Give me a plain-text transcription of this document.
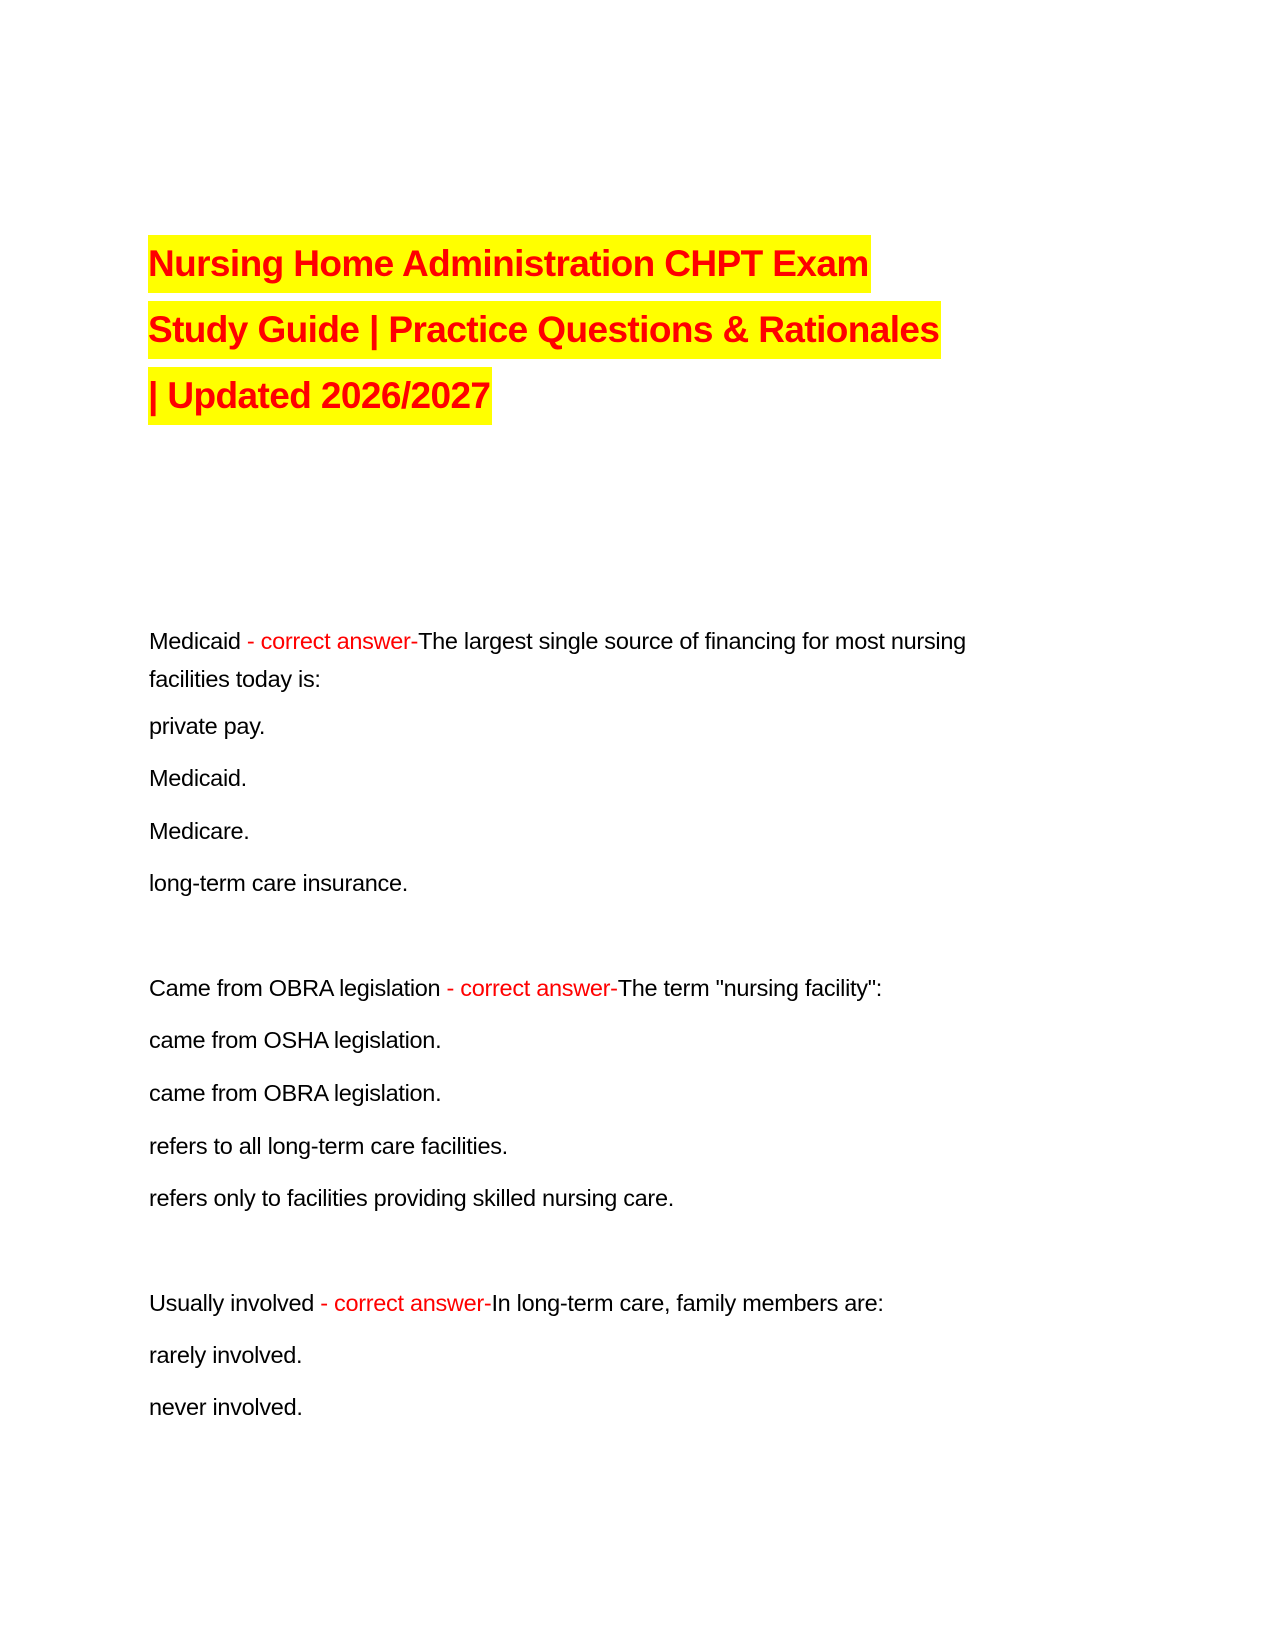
Nursing Home Administration CHPT Exam
Study Guide | Practice Questions & Rationales
| Updated 2026/2027
Medicaid - correct answer-The largest single source of financing for most nursing
facilities today is:
private pay.
Medicaid.
Medicare.
long-term care insurance.
Came from OBRA legislation - correct answer-The term "nursing facility":
came from OSHA legislation.
came from OBRA legislation.
refers to all long-term care facilities.
refers only to facilities providing skilled nursing care.
Usually involved - correct answer-In long-term care, family members are:
rarely involved.
never involved.
